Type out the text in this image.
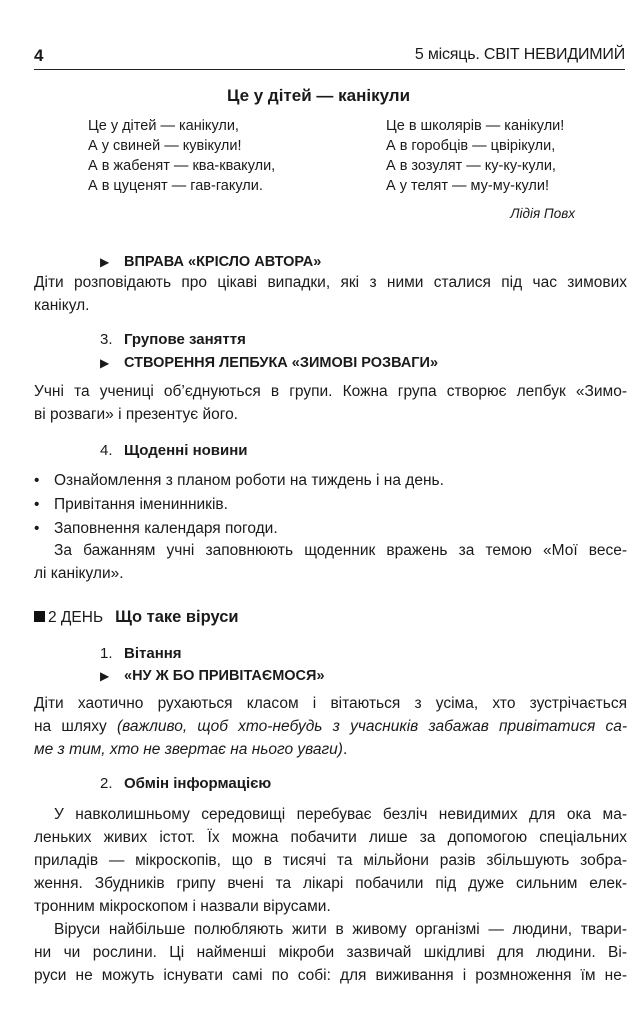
4	5 місяць. СВІТ НЕВИДИМИЙ
Це у дітей — канікули
Це у дітей — канікули,
А у свиней — кувікули!
А в жабенят — ква-квакули,
А в цуценят — гав-гакули.
Це в школярів — канікули!
А в горобців — цвірікули,
А в зозулят — ку-ку-кули,
А у телят — му-му-кули!
Лідія Повх
▶ ВПРАВА «КРІСЛО АВТОРА»
Діти розповідають про цікаві випадки, які з ними сталися під час зимових
канікул.
3. Групове заняття
▶ СТВОРЕННЯ ЛЕПБУКА «ЗИМОВІ РОЗВАГИ»
Учні та учениці об’єднуються в групи. Кожна група створює лепбук «Зимо-
ві розваги» і презентує його.
4. Щоденні новини
• Ознайомлення з планом роботи на тиждень і на день.
• Привітання іменинників.
• Заповнення календаря погоди.
За бажанням учні заповнюють щоденник вражень за темою «Мої весе-
лі канікули».
2 ДЕНЬ Що таке віруси
1. Вітання
▶ «НУ Ж БО ПРИВІТАЄМОСЯ»
Діти хаотично рухаються класом і вітаються з усіма, хто зустрічається
на шляху (важливо, щоб хто-небудь з учасників забажав привітатися са-
ме з тим, хто не звертає на нього уваги).
2. Обмін інформацією
У навколишньому середовищі перебуває безліч невидимих для ока ма-
леньких живих істот. Їх можна побачити лише за допомогою спеціальних
приладів — мікроскопів, що в тисячі та мільйони разів збільшують зобра-
ження. Збудників грипу вчені та лікарі побачили під дуже сильним елек-
тронним мікроскопом і назвали вірусами.
Віруси найбільше полюбляють жити в живому організмі — людини, твари-
ни чи рослини. Ці найменші мікроби зазвичай шкідливі для людини. Ві-
руси не можуть існувати самі по собі: для виживання і розмноження їм не-
